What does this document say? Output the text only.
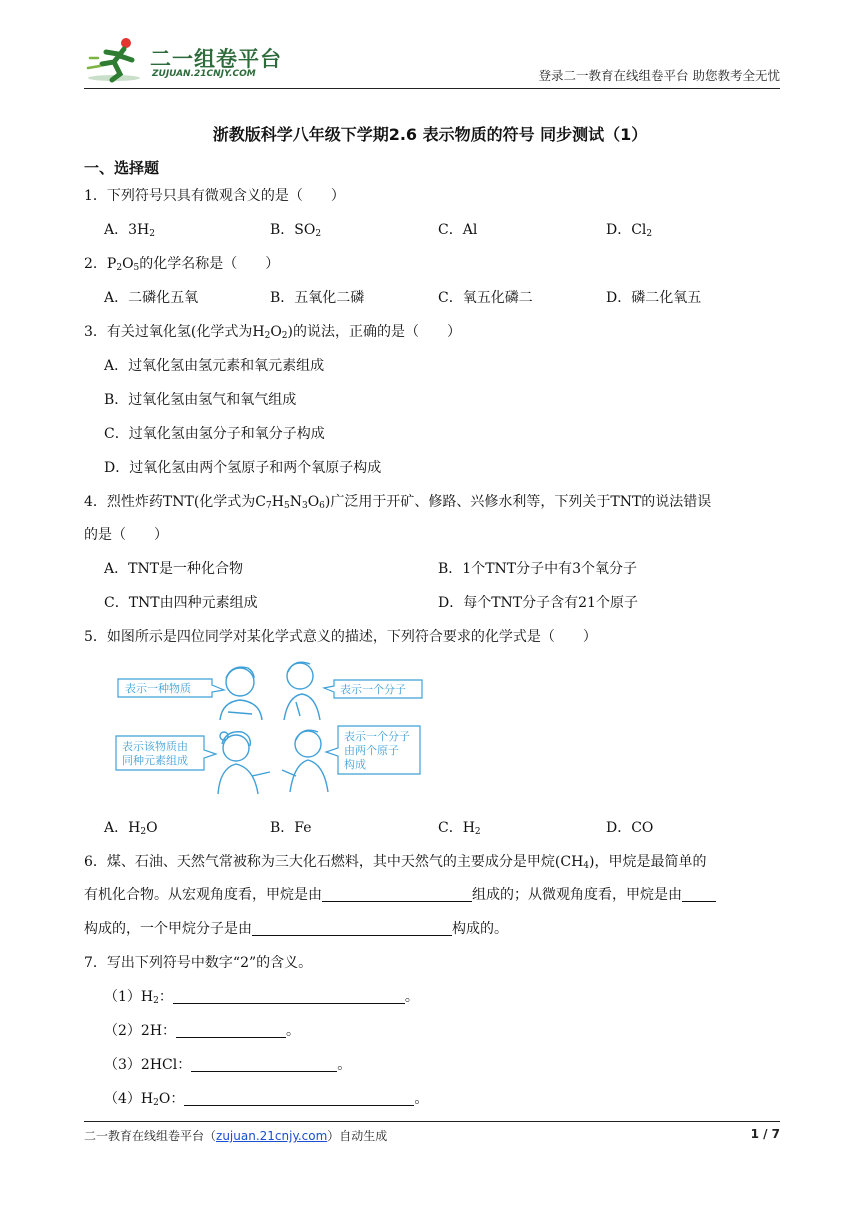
二一组卷平台
ZUJUAN.21CNJY.COM	登录二一教育在线组卷平台 助您教考全无忧
浙教版科学八年级下学期2.6 表示物质的符号 同步测试（1）
一、选择题
1．下列符号只具有微观含义的是（　　）
A．$3H_2$	B．$SO_2$	C．Al	D．$Cl_2$
2．$P_2O_5$的化学名称是（　　）
A．二磷化五氧	B．五氧化二磷	C．氧五化磷二	D．磷二化氧五
3．有关过氧化氢(化学式为$H_2O_2$)的说法，正确的是（　　）
A．过氧化氢由氢元素和氧元素组成
B．过氧化氢由氢气和氧气组成
C．过氧化氢由氢分子和氧分子构成
D．过氧化氢由两个氢原子和两个氧原子构成
4．烈性炸药TNT(化学式为$C_7H_5N_3O_6$)广泛用于开矿、修路、兴修水利等，下列关于TNT的说法错误
的是（　　）
A．TNT是一种化合物	B．1个TNT分子中有3个氧分子
C．TNT由四种元素组成	D．每个TNT分子含有21个原子
5．如图所示是四位同学对某化学式意义的描述，下列符合要求的化学式是（　　）
表示一种物质	表示一个分子
表示该物质由
同种元素组成
表示一个分子
由两个原子
构成
A．$H_2O$	B．Fe	C．$H_2$	D．CO
6．煤、石油、天然气常被称为三大化石燃料，其中天然气的主要成分是甲烷$(CH_4)$，甲烷是最简单的
有机化合物。从宏观角度看，甲烷是由	组成的；从微观角度看，甲烷是由
构成的，一个甲烷分子是由	构成的。
7．写出下列符号中数字“2”的含义。
$(1)H_2$：	。
（2）2H：	。
（3）2HCl：	。
$(4)H_2O$：	。
二一教育在线组卷平台（zujuan.21cnjy.com）自动生成	1 / 7
